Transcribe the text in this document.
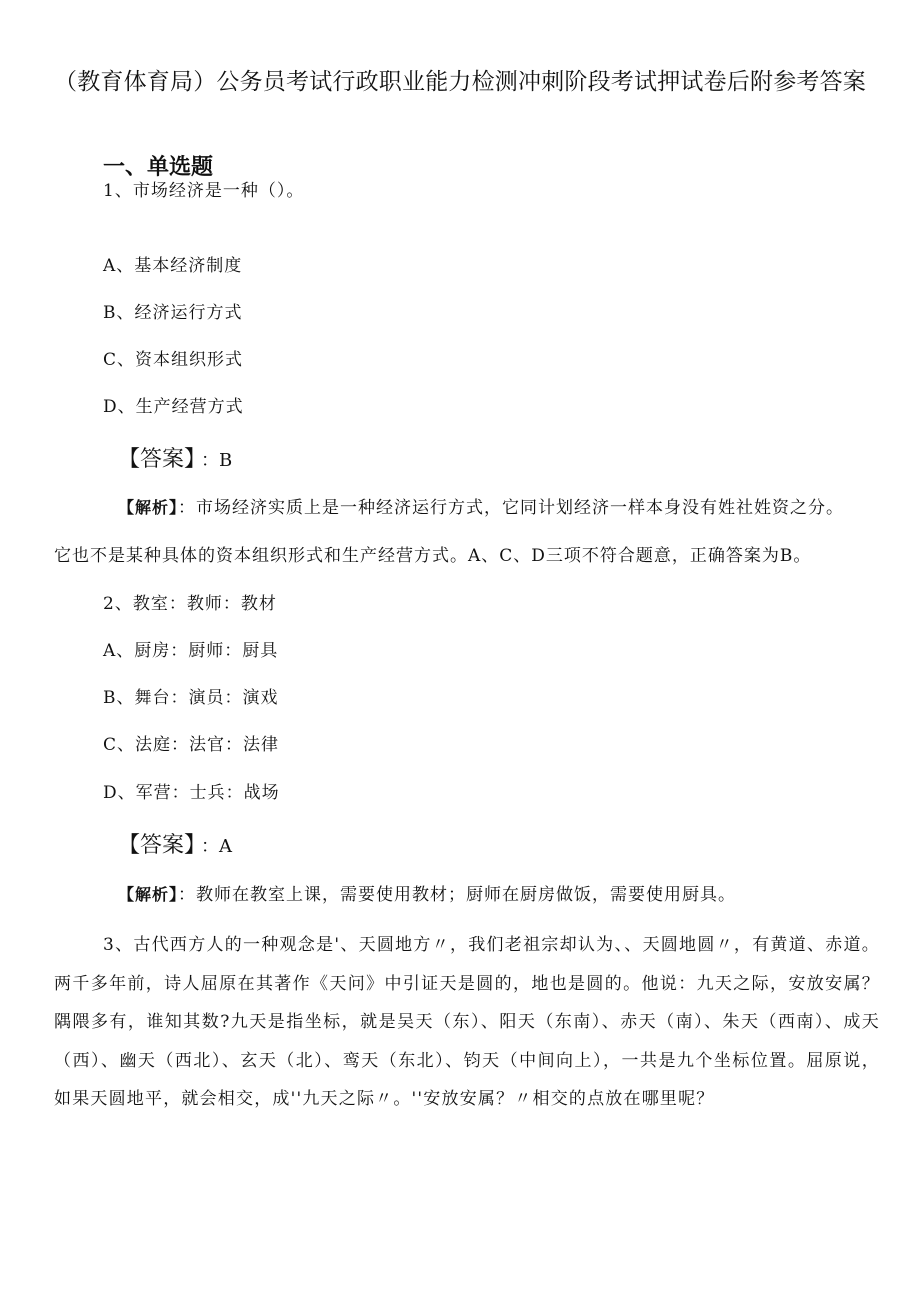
（教育体育局）公务员考试行政职业能力检测冲刺阶段考试押试卷后附参考答案
一、单选题
1、市场经济是一种（）。
A、基本经济制度
B、经济运行方式
C、资本组织形式
D、生产经营方式
【答案】 ：B
【解析】：市场经济实质上是一种经济运行方式，它同计划经济一样本身没有姓社姓资之分。
它也不是某种具体的资本组织形式和生产经营方式。A、C、D三项不符合题意，正确答案为B。
2、教室：教师：教材
A、厨房：厨师：厨具
B、舞台：演员：演戏
C、法庭：法官：法律
D、军营：士兵：战场
【答案】 ：A
【解析】：教师在教室上课，需要使用教材；厨师在厨房做饭，需要使用厨具。
3、古代西方人的一种观念是'、天圆地方〃，我们老祖宗却认为、、天圆地圆〃，有黄道、赤道。两千多年前，诗人屈原在其著作《天问》中引证天是圆的，地也是圆的。他说：九天之际，安放安属？隅隈多有，谁知其数?九天是指坐标，就是吴天（东）、阳天（东南）、赤天（南）、朱天（西南）、成天（西）、幽天（西北）、玄天（北）、鸾天（东北）、钧天（中间向上），一共是九个坐标位置。屈原说，如果天圆地平，就会相交，成''九天之际〃。''安放安属？〃相交的点放在哪里呢？
